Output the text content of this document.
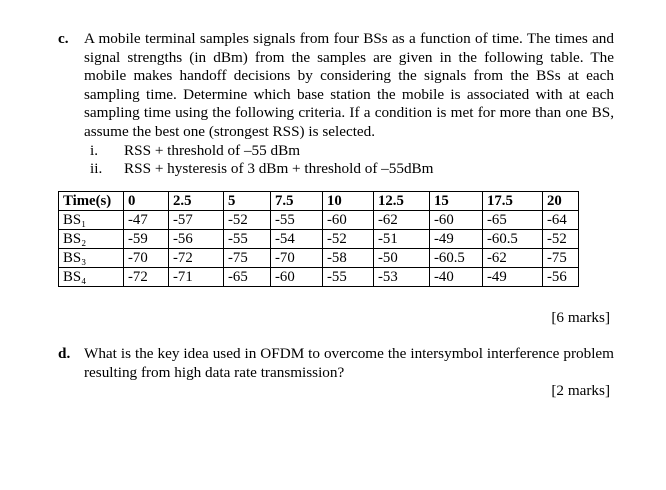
c. A mobile terminal samples signals from four BSs as a function of time. The times and signal strengths (in dBm) from the samples are given in the following table. The mobile makes handoff decisions by considering the signals from the BSs at each sampling time. Determine which base station the mobile is associated with at each sampling time using the following criteria. If a condition is met for more than one BS, assume the best one (strongest RSS) is selected.
i.	RSS + threshold of –55 dBm
ii.	RSS + hysteresis of 3 dBm + threshold of –55dBm
Time(s)	0	2.5	5	7.5	10	12.5	15	17.5	20
BS₁	-47	-57	-52	-55	-60	-62	-60	-65	-64
BS₂	-59	-56	-55	-54	-52	-51	-49	-60.5	-52
BS₃	-70	-72	-75	-70	-58	-50	-60.5	-62	-75
BS₄	-72	-71	-65	-60	-55	-53	-40	-49	-56
[6 marks]
d. What is the key idea used in OFDM to overcome the intersymbol interference problem resulting from high data rate transmission?
[2 marks]
